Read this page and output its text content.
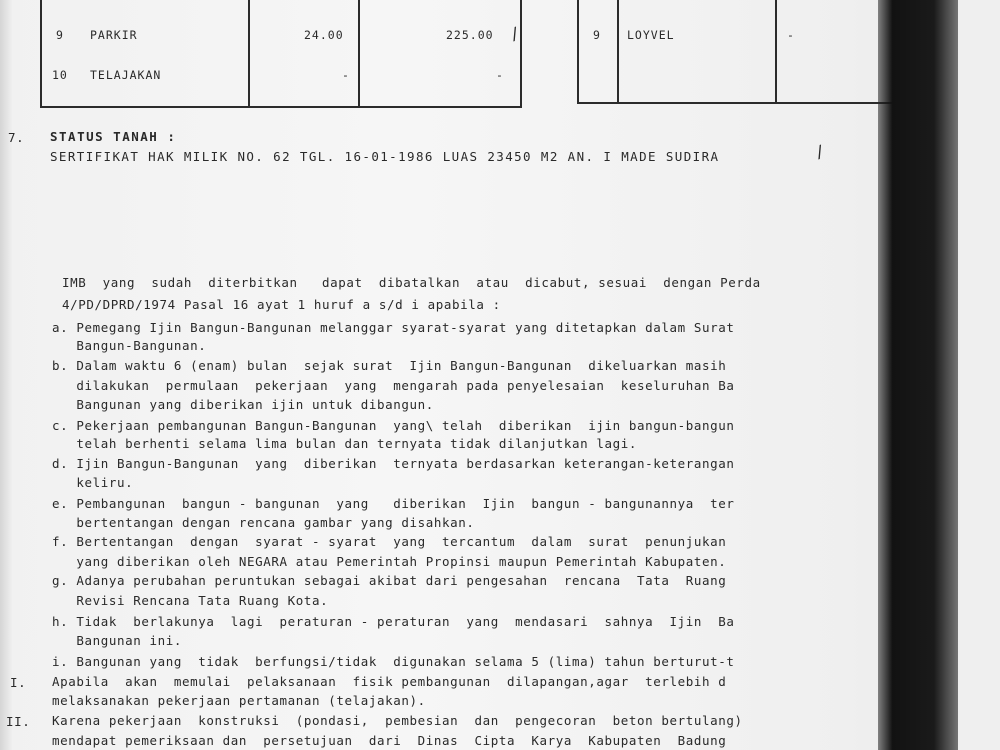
9 PARKIR	24.00	225.00 /
10 TELAJAKAN	-	-
9 LOYVEL	-
7. STATUS TANAH :
SERTIFIKAT HAK MILIK NO. 62 TGL. 16-01-1986 LUAS 23450 M2 AN. I MADE SUDIRA	/
IMB  yang  sudah  diterbitkan   dapat  dibatalkan  atau  dicabut, sesuai  dengan Perda
4/PD/DPRD/1974 Pasal 16 ayat 1 huruf a s/d i apabila :
a. Pemegang Ijin Bangun-Bangunan melanggar syarat-syarat yang ditetapkan dalam Surat
Bangun-Bangunan.
b. Dalam waktu 6 (enam) bulan  sejak surat  Ijin Bangun-Bangunan  dikeluarkan masih
dilakukan  permulaan  pekerjaan  yang  mengarah pada penyelesaian  keseluruhan Ba
Bangunan yang diberikan ijin untuk dibangun.
c. Pekerjaan pembangunan Bangun-Bangunan  yang\ telah  diberikan  ijin bangun-bangun
telah berhenti selama lima bulan dan ternyata tidak dilanjutkan lagi.
d. Ijin Bangun-Bangunan  yang  diberikan  ternyata berdasarkan keterangan-keterangan
keliru.
e. Pembangunan  bangun - bangunan  yang   diberikan  Ijin  bangun - bangunannya  ter
bertentangan dengan rencana gambar yang disahkan.
f. Bertentangan  dengan  syarat - syarat  yang  tercantum  dalam  surat  penunjukan
yang diberikan oleh NEGARA atau Pemerintah Propinsi maupun Pemerintah Kabupaten.
g. Adanya perubahan peruntukan sebagai akibat dari pengesahan  rencana  Tata  Ruang
Revisi Rencana Tata Ruang Kota.
h. Tidak  berlakunya  lagi  peraturan - peraturan  yang  mendasari  sahnya  Ijin  Ba
Bangunan ini.
i. Bangunan yang  tidak  berfungsi/tidak  digunakan selama 5 (lima) tahun berturut-t
I. Apabila  akan  memulai  pelaksanaan  fisik pembangunan  dilapangan,agar  terlebih d
melaksanakan pekerjaan pertamanan (telajakan).
II. Karena pekerjaan  konstruksi  (pondasi,  pembesian  dan  pengecoran  beton bertulang)
mendapat pemeriksaan dan  persetujuan  dari  Dinas  Cipta  Karya  Kabupaten  Badung
